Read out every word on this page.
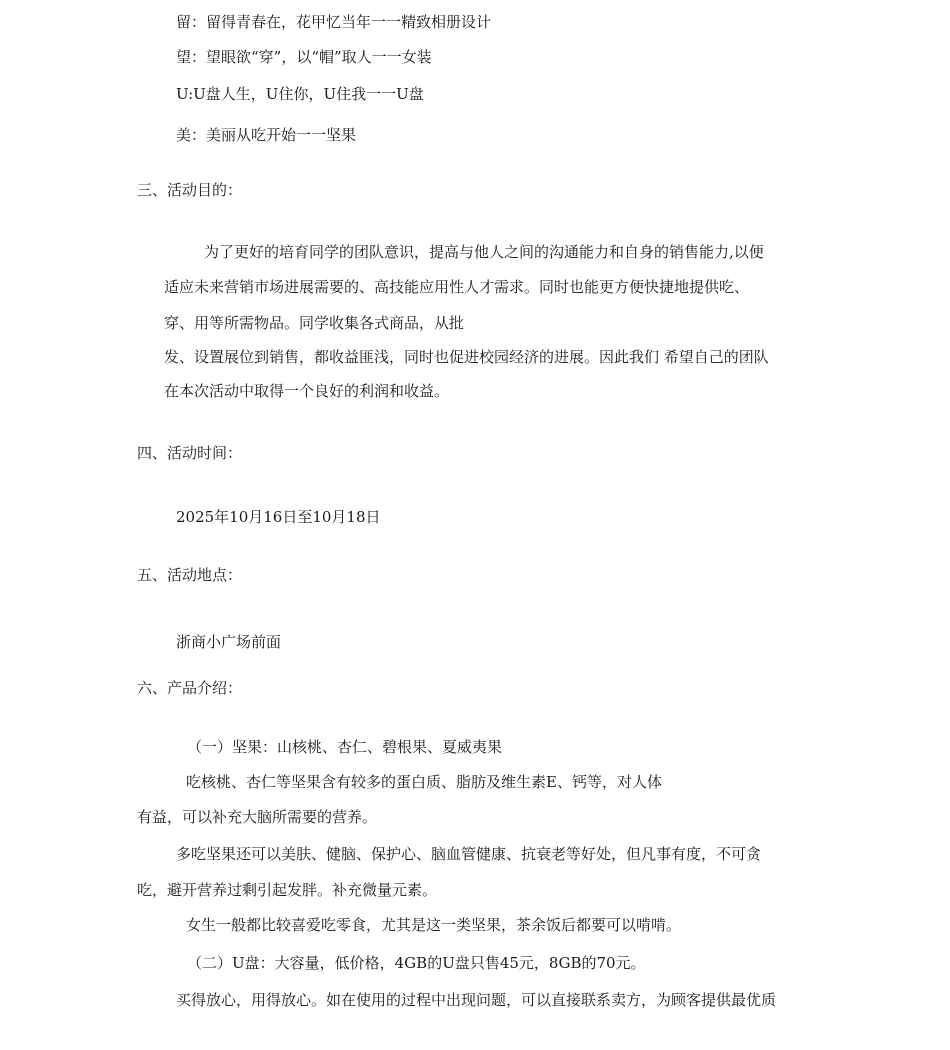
留：留得青春在，花甲忆当年一一精致相册设计
望：望眼欲“穿”，以“帽”取人一一女装
U:U盘人生，U住你，U住我一一U盘
美：美丽从吃开始一一坚果
三、活动目的：
为了更好的培育同学的团队意识，提高与他人之间的沟通能力和自身的销售能力,以便
适应未来营销市场进展需要的、高技能应用性人才需求。同时也能更方便快捷地提供吃、
穿、用等所需物品。同学收集各式商品，从批
发、设置展位到销售，都收益匪浅，同时也促进校园经济的进展。因此我们 希望自己的团队
在本次活动中取得一个良好的利润和收益。
四、活动时间：
2025年10月16日至10月18日
五、活动地点：
浙商小广场前面
六、产品介绍：
（一）坚果：山核桃、杏仁、碧根果、夏威夷果
吃核桃、杏仁等坚果含有较多的蛋白质、脂肪及维生素E、钙等，对人体
有益，可以补充大脑所需要的营养。
多吃坚果还可以美肤、健脑、保护心、脑血管健康、抗衰老等好处，但凡事有度，不可贪
吃，避开营养过剩引起发胖。补充微量元素。
女生一般都比较喜爱吃零食，尤其是这一类坚果，茶余饭后都要可以啃啃。
（二）U盘：大容量，低价格，4GB的U盘只售45元，8GB的70元。
买得放心，用得放心。如在使用的过程中出现问题，可以直接联系卖方，为顾客提供最优质
